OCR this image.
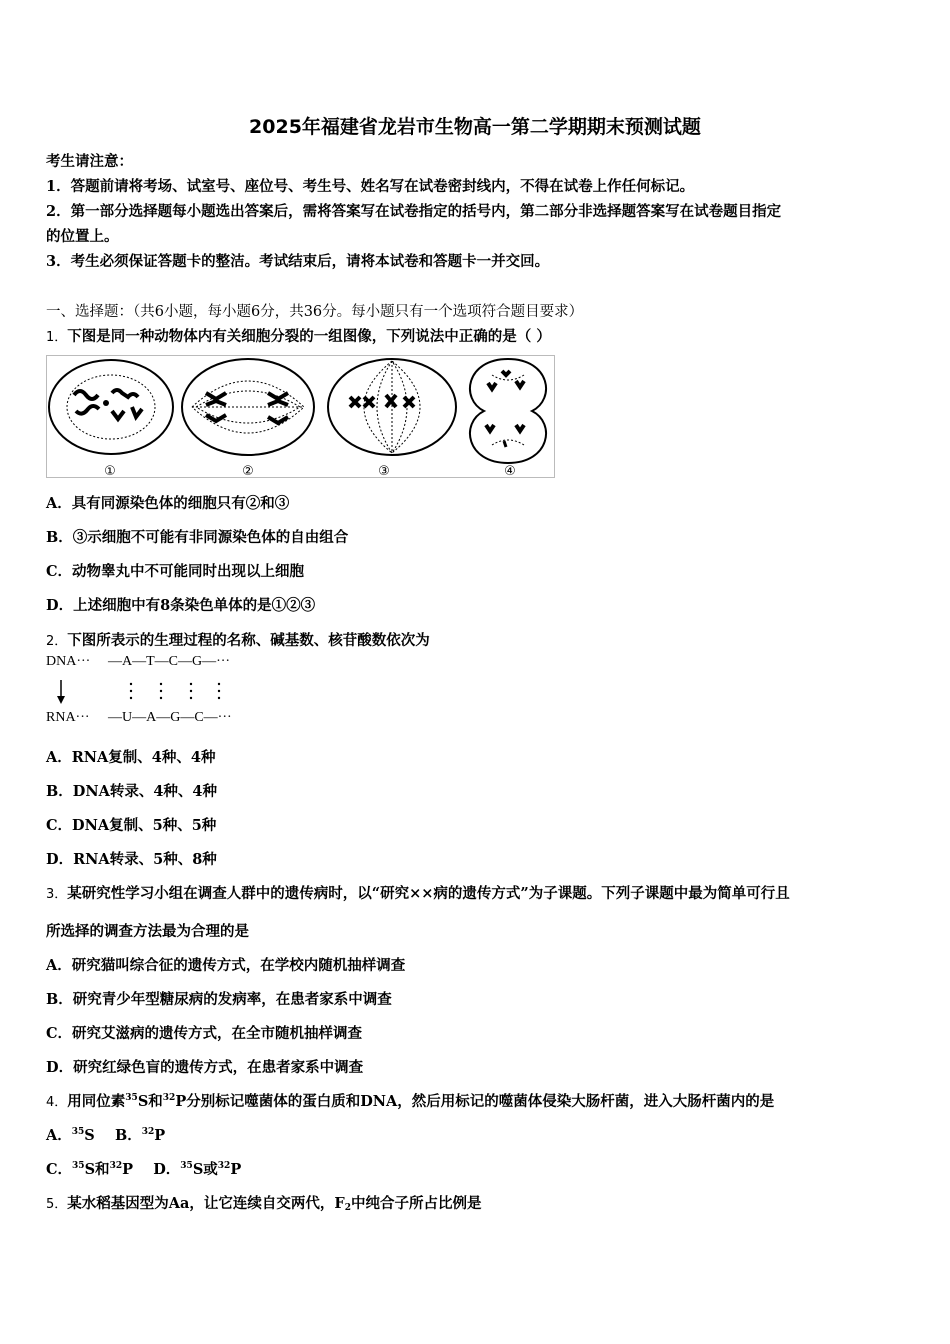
2025年福建省龙岩市生物高一第二学期期末预测试题
考生请注意：
1．答题前请将考场、试室号、座位号、考生号、姓名写在试卷密封线内，不得在试卷上作任何标记。
2．第一部分选择题每小题选出答案后，需将答案写在试卷指定的括号内，第二部分非选择题答案写在试卷题目指定
的位置上。
3．考生必须保证答题卡的整洁。考试结束后，请将本试卷和答题卡一并交回。
一、选择题：（共6小题，每小题6分，共36分。每小题只有一个选项符合题目要求）
1．下图是同一种动物体内有关细胞分裂的一组图像，下列说法中正确的是（ ）
①	②	③	④
A．具有同源染色体的细胞只有②和③
B．③示细胞不可能有非同源染色体的自由组合
C．动物睾丸中不可能同时出现以上细胞
D．上述细胞中有8条染色单体的是①②③
2．下图所表示的生理过程的名称、碱基数、核苷酸数依次为
DNA··· —A—T—C—G—···
RNA··· —U—A—G—C—···
A．RNA复制、4种、4种
B．DNA转录、4种、4种
C．DNA复制、5种、5种
D．RNA转录、5种、8种
3．某研究性学习小组在调查人群中的遗传病时，以“研究××病的遗传方式”为子课题。下列子课题中最为简单可行且
所选择的调查方法最为合理的是
A．研究猫叫综合征的遗传方式，在学校内随机抽样调查
B．研究青少年型糖尿病的发病率，在患者家系中调查
C．研究艾滋病的遗传方式，在全市随机抽样调查
D．研究红绿色盲的遗传方式，在患者家系中调查
4．用同位素$^{35}$S和$^{32}$P分别标记噬菌体的蛋白质和DNA，然后用标记的噬菌体侵染大肠杆菌，进入大肠杆菌内的是
A．$^{35}$S B．$^{32}$P
C．$^{35}$S和$^{32}$P D．$^{35}$S或$^{32}$P
5．某水稻基因型为Aa，让它连续自交两代，$F_2$中纯合子所占比例是
